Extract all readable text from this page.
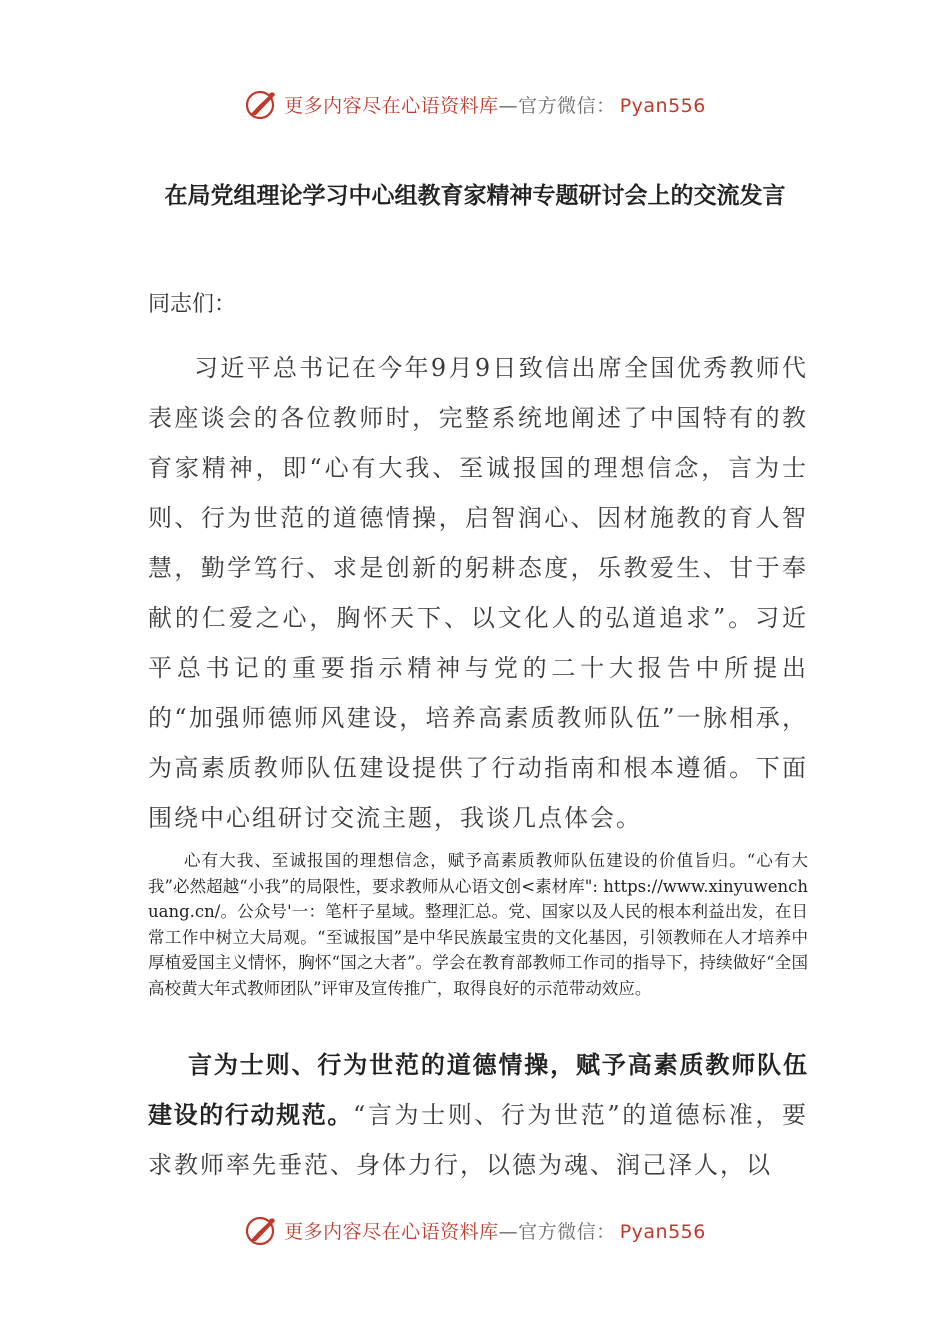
更多内容尽在心语资料库—官方微信： Pyan556
在局党组理论学习中心组教育家精神专题研讨会上的交流发言
同志们：
习近平总书记在今年9月9日致信出席全国优秀教师代表座谈会的各位教师时，完整系统地阐述了中国特有的教育家精神，即“心有大我、至诚报国的理想信念，言为士则、行为世范的道德情操，启智润心、因材施教的育人智慧，勤学笃行、求是创新的躬耕态度，乐教爱生、甘于奉献的仁爱之心，胸怀天下、以文化人的弘道追求”。习近平总书记的重要指示精神与党的二十大报告中所提出的“加强师德师风建设，培养高素质教师队伍”一脉相承，为高素质教师队伍建设提供了行动指南和根本遵循。下面围绕中心组研讨交流主题，我谈几点体会。
心有大我、至诚报国的理想信念，赋予高素质教师队伍建设的价值旨归。“心有大我”必然超越“小我”的局限性，要求教师从心语文创<素材库": https://www.xinyuwenchuang.cn/。公众号'一：笔杆子星域。整理汇总。党、国家以及人民的根本利益出发，在日常工作中树立大局观。“至诚报国”是中华民族最宝贵的文化基因，引领教师在人才培养中厚植爱国主义情怀，胸怀“国之大者”。学会在教育部教师工作司的指导下，持续做好“全国高校黄大年式教师团队”评审及宣传推广，取得良好的示范带动效应。
言为士则、行为世范的道德情操，赋予高素质教师队伍建设的行动规范。“言为士则、行为世范”的道德标准，要求教师率先垂范、身体力行，以德为魂、润己泽人，以
更多内容尽在心语资料库—官方微信： Pyan556
